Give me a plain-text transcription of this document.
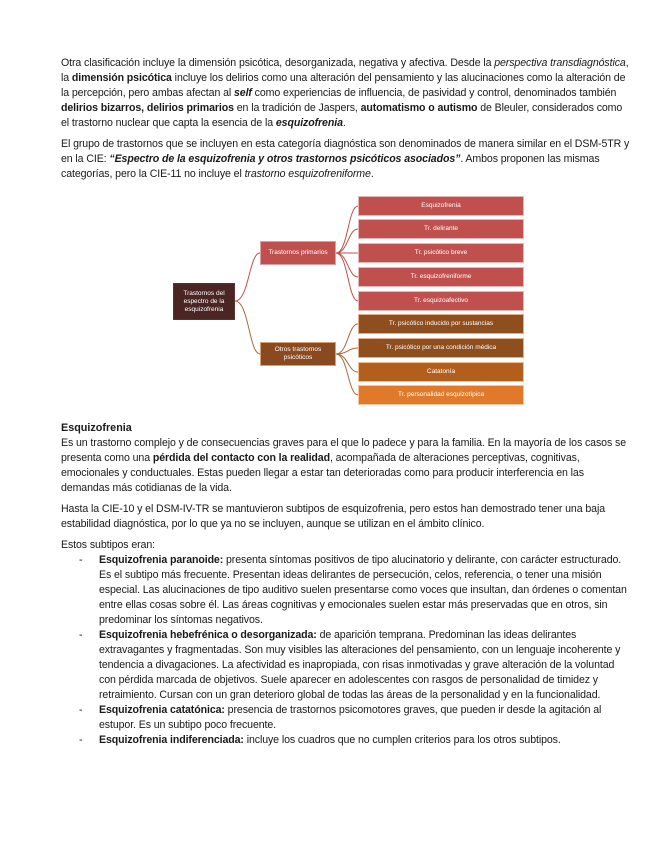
Otra clasificación incluye la dimensión psicótica, desorganizada, negativa y afectiva. Desde la perspectiva transdiagnóstica, la dimensión psicótica incluye los delirios como una alteración del pensamiento y las alucinaciones como la alteración de la percepción, pero ambas afectan al self como experiencias de influencia, de pasividad y control, denominados también delirios bizarros, delirios primarios en la tradición de Jaspers, automatismo o autismo de Bleuler, considerados como el trastorno nuclear que capta la esencia de la esquizofrenia.

El grupo de trastornos que se incluyen en esta categoría diagnóstica son denominados de manera similar en el DSM-5TR y en la CIE: “Espectro de la esquizofrenia y otros trastornos psicóticos asociados”. Ambos proponen las mismas categorías, pero la CIE-11 no incluye el trastorno esquizofreniforme.

Trastornos del espectro de la esquizofrenia
Trastornos primarios
Otros trastornos psicóticos
Esquizofrenia
Tr. delirante
Tr. psicótico breve
Tr. esquizofreniforme
Tr. esquizoafectivo
Tr. psicótico inducido por sustancias
Tr. psicótico por una condición médica
Catatonía
Tr. personalidad esquizotípica
Esquizofrenia

Es un trastorno complejo y de consecuencias graves para el que lo padece y para la familia. En la mayoría de los casos se presenta como una pérdida del contacto con la realidad, acompañada de alteraciones perceptivas, cognitivas, emocionales y conductuales. Estas pueden llegar a estar tan deterioradas como para producir interferencia en las demandas más cotidianas de la vida.

Hasta la CIE-10 y el DSM-IV-TR se mantuvieron subtipos de esquizofrenia, pero estos han demostrado tener una baja estabilidad diagnóstica, por lo que ya no se incluyen, aunque se utilizan en el ámbito clínico.

Estos subtipos eran:

- Esquizofrenia paranoide: presenta síntomas positivos de tipo alucinatorio y delirante, con carácter estructurado. Es el subtipo más frecuente. Presentan ideas delirantes de persecución, celos, referencia, o tener una misión especial. Las alucinaciones de tipo auditivo suelen presentarse como voces que insultan, dan órdenes o comentan entre ellas cosas sobre él. Las áreas cognitivas y emocionales suelen estar más preservadas que en otros, sin predominar los síntomas negativos.
- Esquizofrenia hebefrénica o desorganizada: de aparición temprana. Predominan las ideas delirantes extravagantes y fragmentadas. Son muy visibles las alteraciones del pensamiento, con un lenguaje incoherente y tendencia a divagaciones. La afectividad es inapropiada, con risas inmotivadas y grave alteración de la voluntad con pérdida marcada de objetivos. Suele aparecer en adolescentes con rasgos de personalidad de timidez y retraimiento. Cursan con un gran deterioro global de todas las áreas de la personalidad y en la funcionalidad.
- Esquizofrenia catatónica: presencia de trastornos psicomotores graves, que pueden ir desde la agitación al estupor. Es un subtipo poco frecuente.
- Esquizofrenia indiferenciada: incluye los cuadros que no cumplen criterios para los otros subtipos.
